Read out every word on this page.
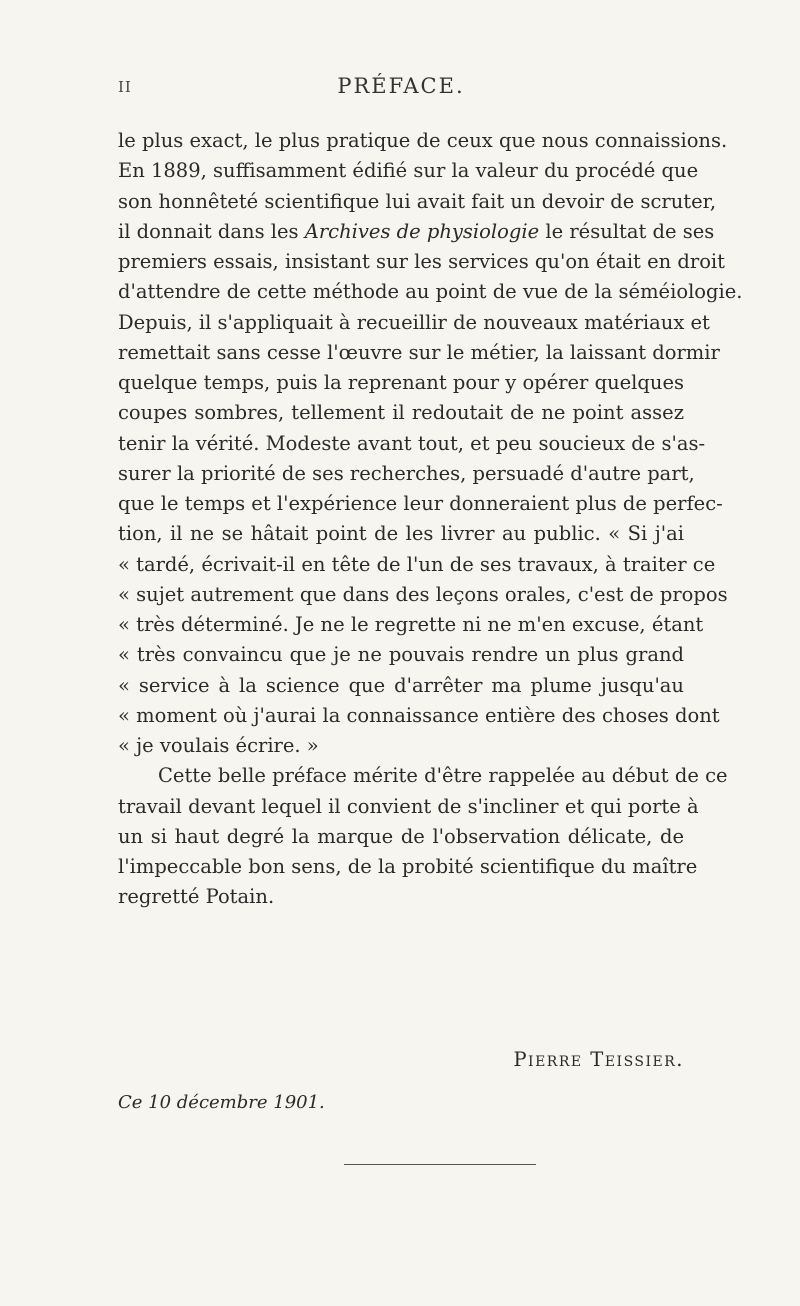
II	PRÉFACE.
le plus exact, le plus pratique de ceux que nous connaissions.
En 1889, suffisamment édifié sur la valeur du procédé que
son honnêteté scientifique lui avait fait un devoir de scruter,
il donnait dans les Archives de physiologie le résultat de ses
premiers essais, insistant sur les services qu'on était en droit
d'attendre de cette méthode au point de vue de la séméiologie.
Depuis, il s'appliquait à recueillir de nouveaux matériaux et
remettait sans cesse l'œuvre sur le métier, la laissant dormir
quelque temps, puis la reprenant pour y opérer quelques
coupes sombres, tellement il redoutait de ne point assez
tenir la vérité. Modeste avant tout, et peu soucieux de s'as-
surer la priorité de ses recherches, persuadé d'autre part,
que le temps et l'expérience leur donneraient plus de perfec-
tion, il ne se hâtait point de les livrer au public. « Si j'ai
« tardé, écrivait-il en tête de l'un de ses travaux, à traiter ce
« sujet autrement que dans des leçons orales, c'est de propos
« très déterminé. Je ne le regrette ni ne m'en excuse, étant
« très convaincu que je ne pouvais rendre un plus grand
« service à la science que d'arrêter ma plume jusqu'au
« moment où j'aurai la connaissance entière des choses dont
« je voulais écrire. »
Cette belle préface mérite d'être rappelée au début de ce
travail devant lequel il convient de s'incliner et qui porte à
un si haut degré la marque de l'observation délicate, de
l'impeccable bon sens, de la probité scientifique du maître
regretté Potain.
Pierre Teissier.
Ce 10 décembre 1901.
